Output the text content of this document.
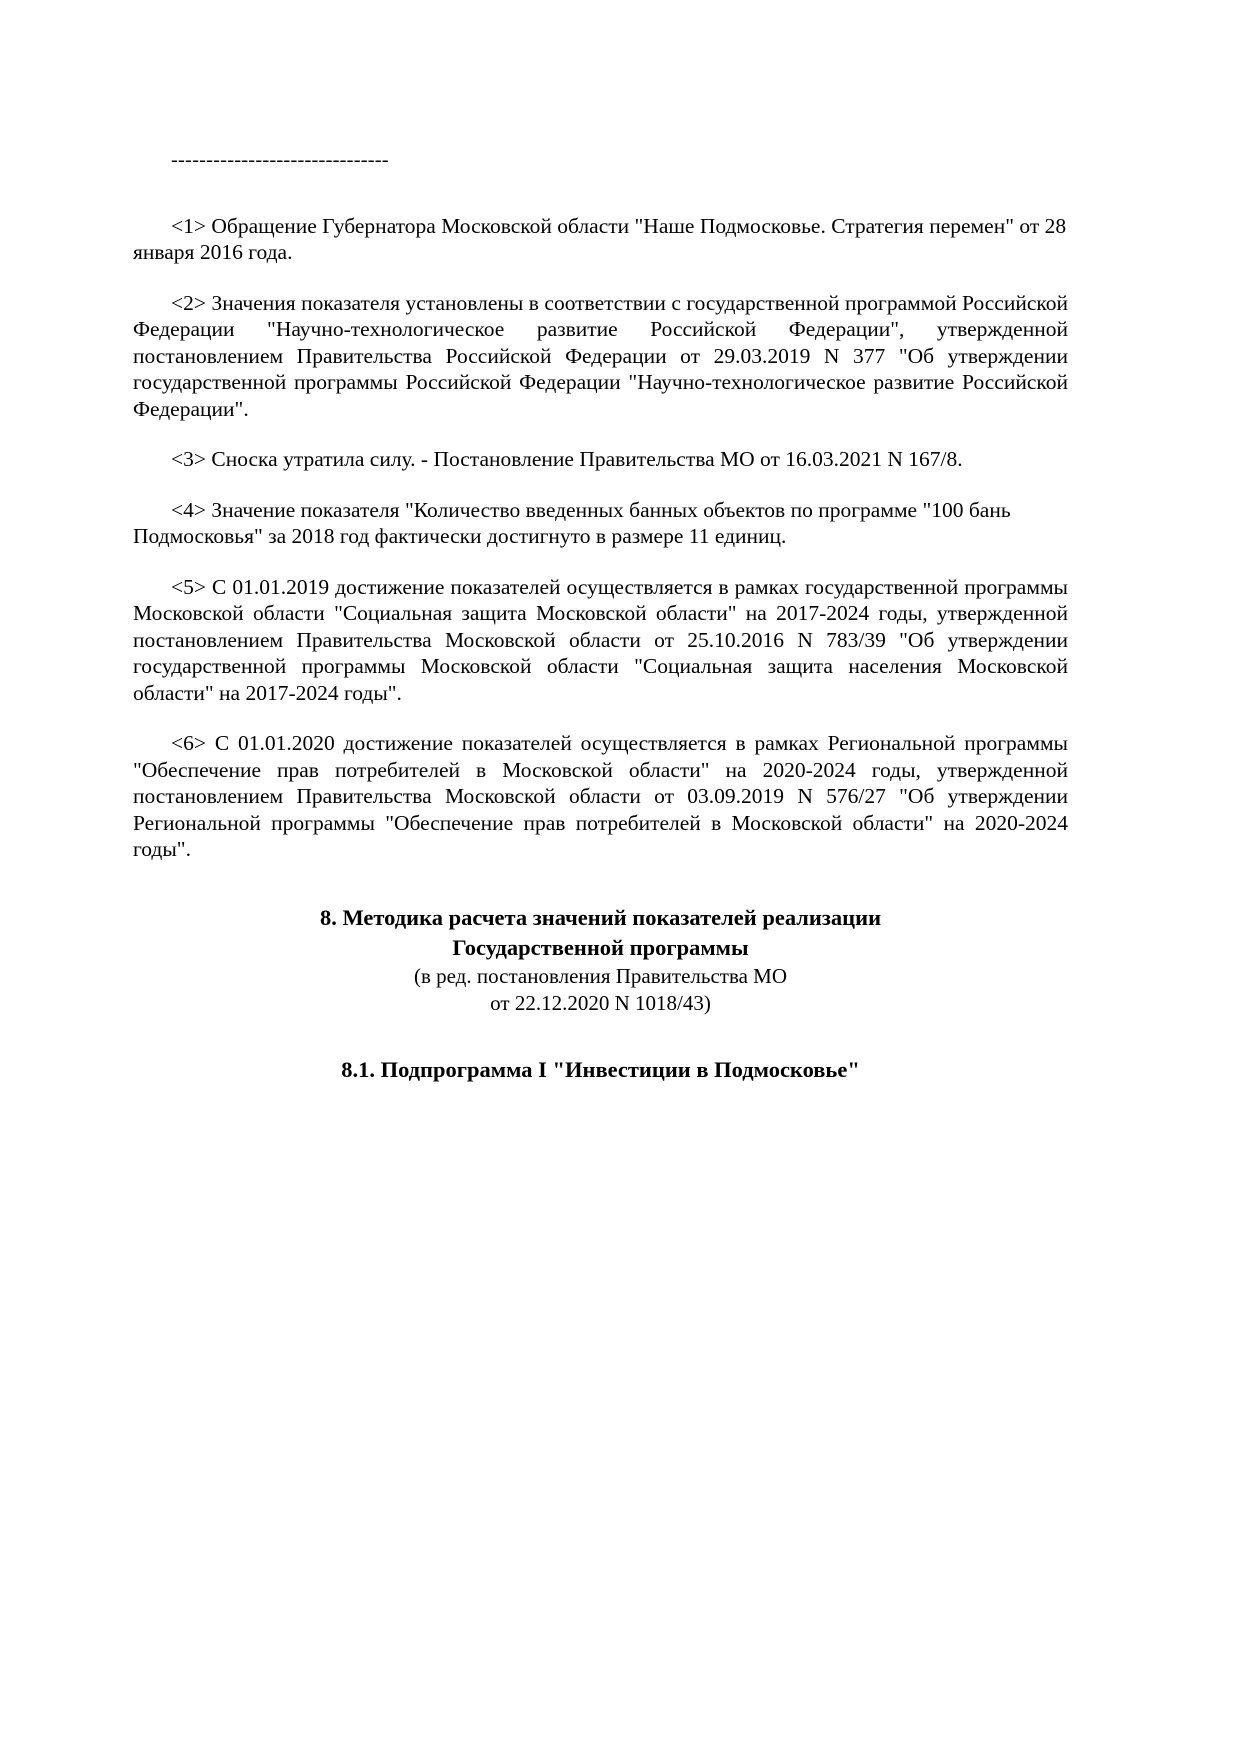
-------------------------------

<1> Обращение Губернатора Московской области "Наше Подмосковье. Стратегия перемен" от 28 января 2016 года.

<2> Значения показателя установлены в соответствии с государственной программой Российской Федерации "Научно-технологическое развитие Российской Федерации", утвержденной постановлением Правительства Российской Федерации от 29.03.2019 N 377 "Об утверждении государственной программы Российской Федерации "Научно-технологическое развитие Российской Федерации".

<3> Сноска утратила силу. - Постановление Правительства МО от 16.03.2021 N 167/8.

<4> Значение показателя "Количество введенных банных объектов по программе "100 бань Подмосковья" за 2018 год фактически достигнуто в размере 11 единиц.

<5> С 01.01.2019 достижение показателей осуществляется в рамках государственной программы Московской области "Социальная защита Московской области" на 2017-2024 годы, утвержденной постановлением Правительства Московской области от 25.10.2016 N 783/39 "Об утверждении государственной программы Московской области "Социальная защита населения Московской области" на 2017-2024 годы".

<6> С 01.01.2020 достижение показателей осуществляется в рамках Региональной программы "Обеспечение прав потребителей в Московской области" на 2020-2024 годы, утвержденной постановлением Правительства Московской области от 03.09.2019 N 576/27 "Об утверждении Региональной программы "Обеспечение прав потребителей в Московской области" на 2020-2024 годы".

8. Методика расчета значений показателей реализации
Государственной программы
(в ред. постановления Правительства МО
от 22.12.2020 N 1018/43)
8.1. Подпрограмма I "Инвестиции в Подмосковье"
